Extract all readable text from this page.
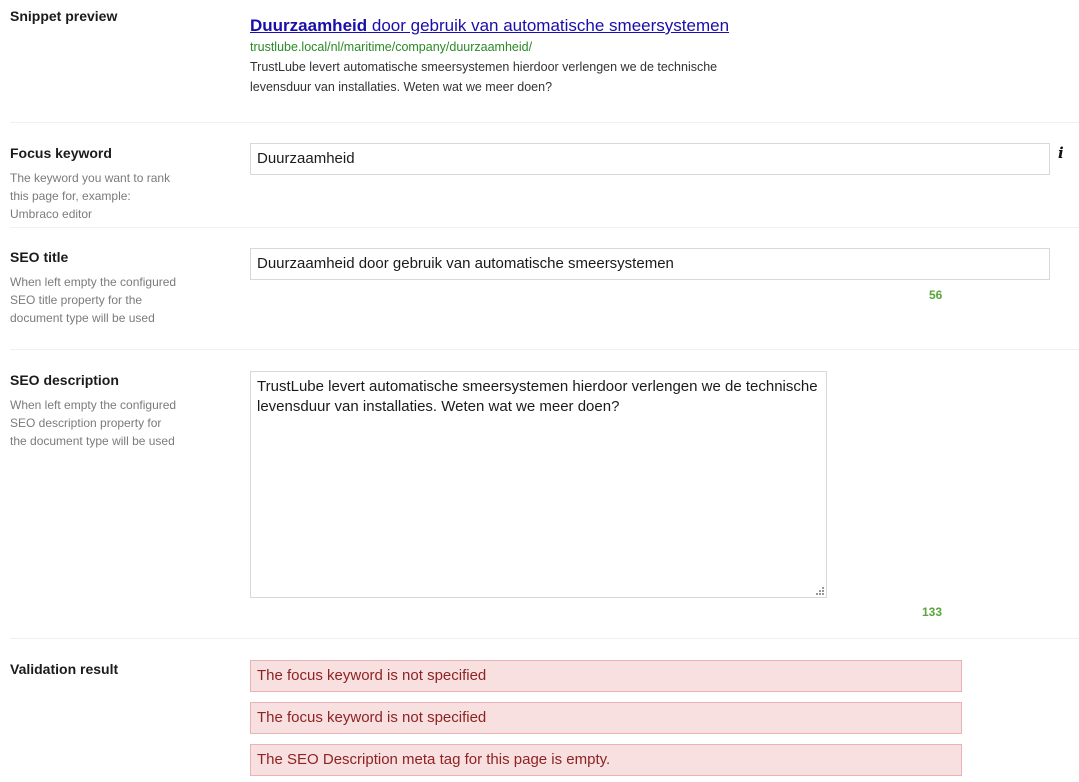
Snippet preview	Duurzaamheid door gebruik van automatische smeersystemen
trustlube.local/nl/maritime/company/duurzaamheid/
TrustLube levert automatische smeersystemen hierdoor verlengen we de technische levensduur van installaties. Weten wat we meer doen?
Focus keyword
The keyword you want to rank this page for, example: Umbraco editor
Duurzaamheid	i
SEO title
When left empty the configured SEO title property for the document type will be used
Duurzaamheid door gebruik van automatische smeersystemen
56
SEO description
When left empty the configured SEO description property for the document type will be used
TrustLube levert automatische smeersystemen hierdoor verlengen we de technische levensduur van installaties. Weten wat we meer doen?
133
Validation result	The focus keyword is not specified
The focus keyword is not specified
The SEO Description meta tag for this page is empty.
